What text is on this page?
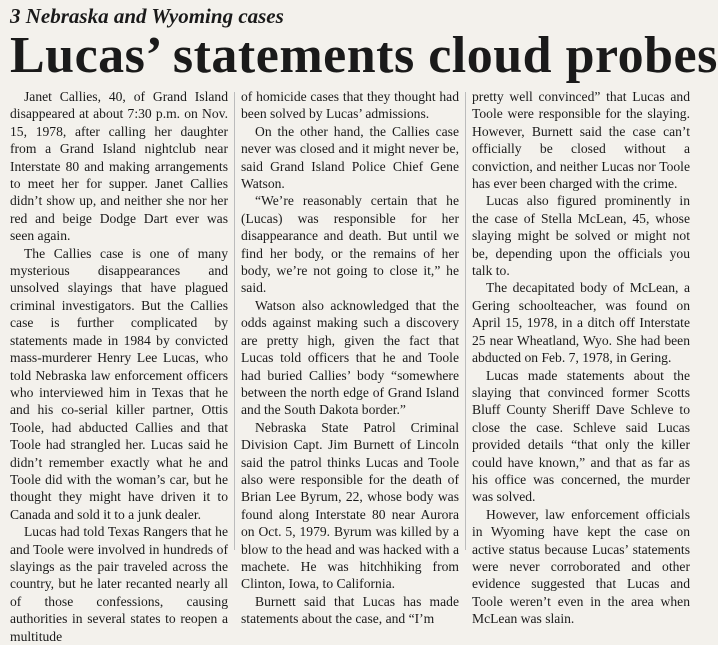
3 Nebraska and Wyoming cases
Lucas’ statements cloud probes

Janet Callies, 40, of Grand Island disappeared at about 7:30 p.m. on Nov. 15, 1978, after calling her daughter from a Grand Island nightclub near Interstate 80 and making arrangements to meet her for supper. Janet Callies didn’t show up, and neither she nor her red and beige Dodge Dart ever was seen again.

The Callies case is one of many mysterious disappearances and unsolved slayings that have plagued criminal investigators. But the Callies case is further complicated by statements made in 1984 by convicted mass-murderer Henry Lee Lucas, who told Nebraska law enforcement officers who interviewed him in Texas that he and his co-serial killer partner, Ottis Toole, had abducted Callies and that Toole had strangled her. Lucas said he didn’t remember exactly what he and Toole did with the woman’s car, but he thought they might have driven it to Canada and sold it to a junk dealer.

Lucas had told Texas Rangers that he and Toole were involved in hundreds of slayings as the pair traveled across the country, but he later recanted nearly all of those confessions, causing authorities in several states to reopen a multitude

of homicide cases that they thought had been solved by Lucas’ admissions.

On the other hand, the Callies case never was closed and it might never be, said Grand Island Police Chief Gene Watson.

“We’re reasonably certain that he (Lucas) was responsible for her disappearance and death. But until we find her body, or the remains of her body, we’re not going to close it,” he said.

Watson also acknowledged that the odds against making such a discovery are pretty high, given the fact that Lucas told officers that he and Toole had buried Callies’ body “somewhere between the north edge of Grand Island and the South Dakota border.”

Nebraska State Patrol Criminal Division Capt. Jim Burnett of Lincoln said the patrol thinks Lucas and Toole also were responsible for the death of Brian Lee Byrum, 22, whose body was found along Interstate 80 near Aurora on Oct. 5, 1979. Byrum was killed by a blow to the head and was hacked with a machete. He was hitchhiking from Clinton, Iowa, to California.

Burnett said that Lucas has made statements about the case, and “I’m

pretty well convinced” that Lucas and Toole were responsible for the slaying. However, Burnett said the case can’t officially be closed without a conviction, and neither Lucas nor Toole has ever been charged with the crime.

Lucas also figured prominently in the case of Stella McLean, 45, whose slaying might be solved or might not be, depending upon the officials you talk to.

The decapitated body of McLean, a Gering schoolteacher, was found on April 15, 1978, in a ditch off Interstate 25 near Wheatland, Wyo. She had been abducted on Feb. 7, 1978, in Gering.

Lucas made statements about the slaying that convinced former Scotts Bluff County Sheriff Dave Schleve to close the case. Schleve said Lucas provided details “that only the killer could have known,” and that as far as his office was concerned, the murder was solved.

However, law enforcement officials in Wyoming have kept the case on active status because Lucas’ statements were never corroborated and other evidence suggested that Lucas and Toole weren’t even in the area when McLean was slain.
